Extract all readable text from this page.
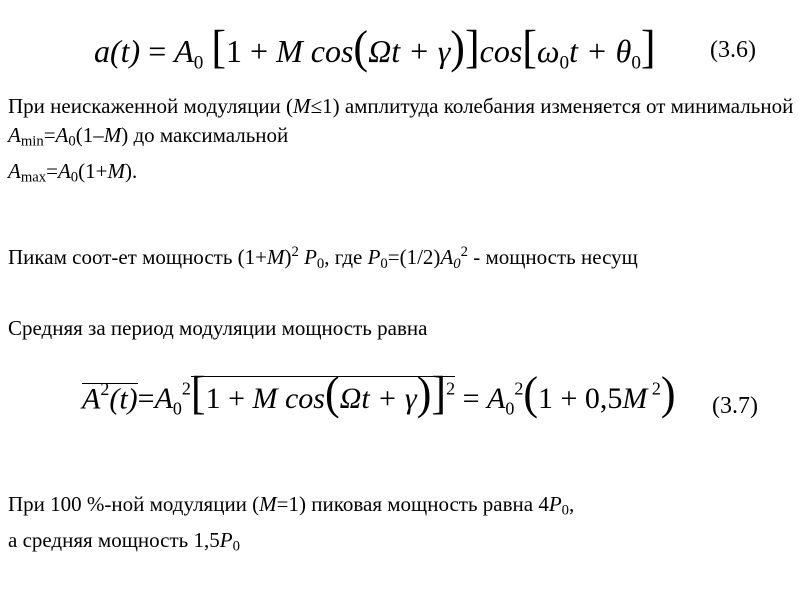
$a(t) = A_0$ [1 + M $\cos(\Omega t + \gamma)]\cos[\omega_0t + \theta_0]$ (3.6)
При неискаженной модуляции (M≤1) амплитуда колебания изменяется от минимальной Amin=A0(1–M) до максимальной
Amax=A0(1+M).
Пикам соот-ет мощность $(1+M)^2$ P0, где $P0=(1/2)A0^2$ - мощность несущ
Средняя за период модуляции мощность равна
$A^2(t)=A_0^2[1 + M$ $\cos(\Omega t + \gamma)]^2 = A_0^2(1 + 0,5M$ $^2$) (3.7)
При 100 %-ной модуляции (M=1) пиковая мощность равна 4P0,
а средняя мощность 1,5P0
